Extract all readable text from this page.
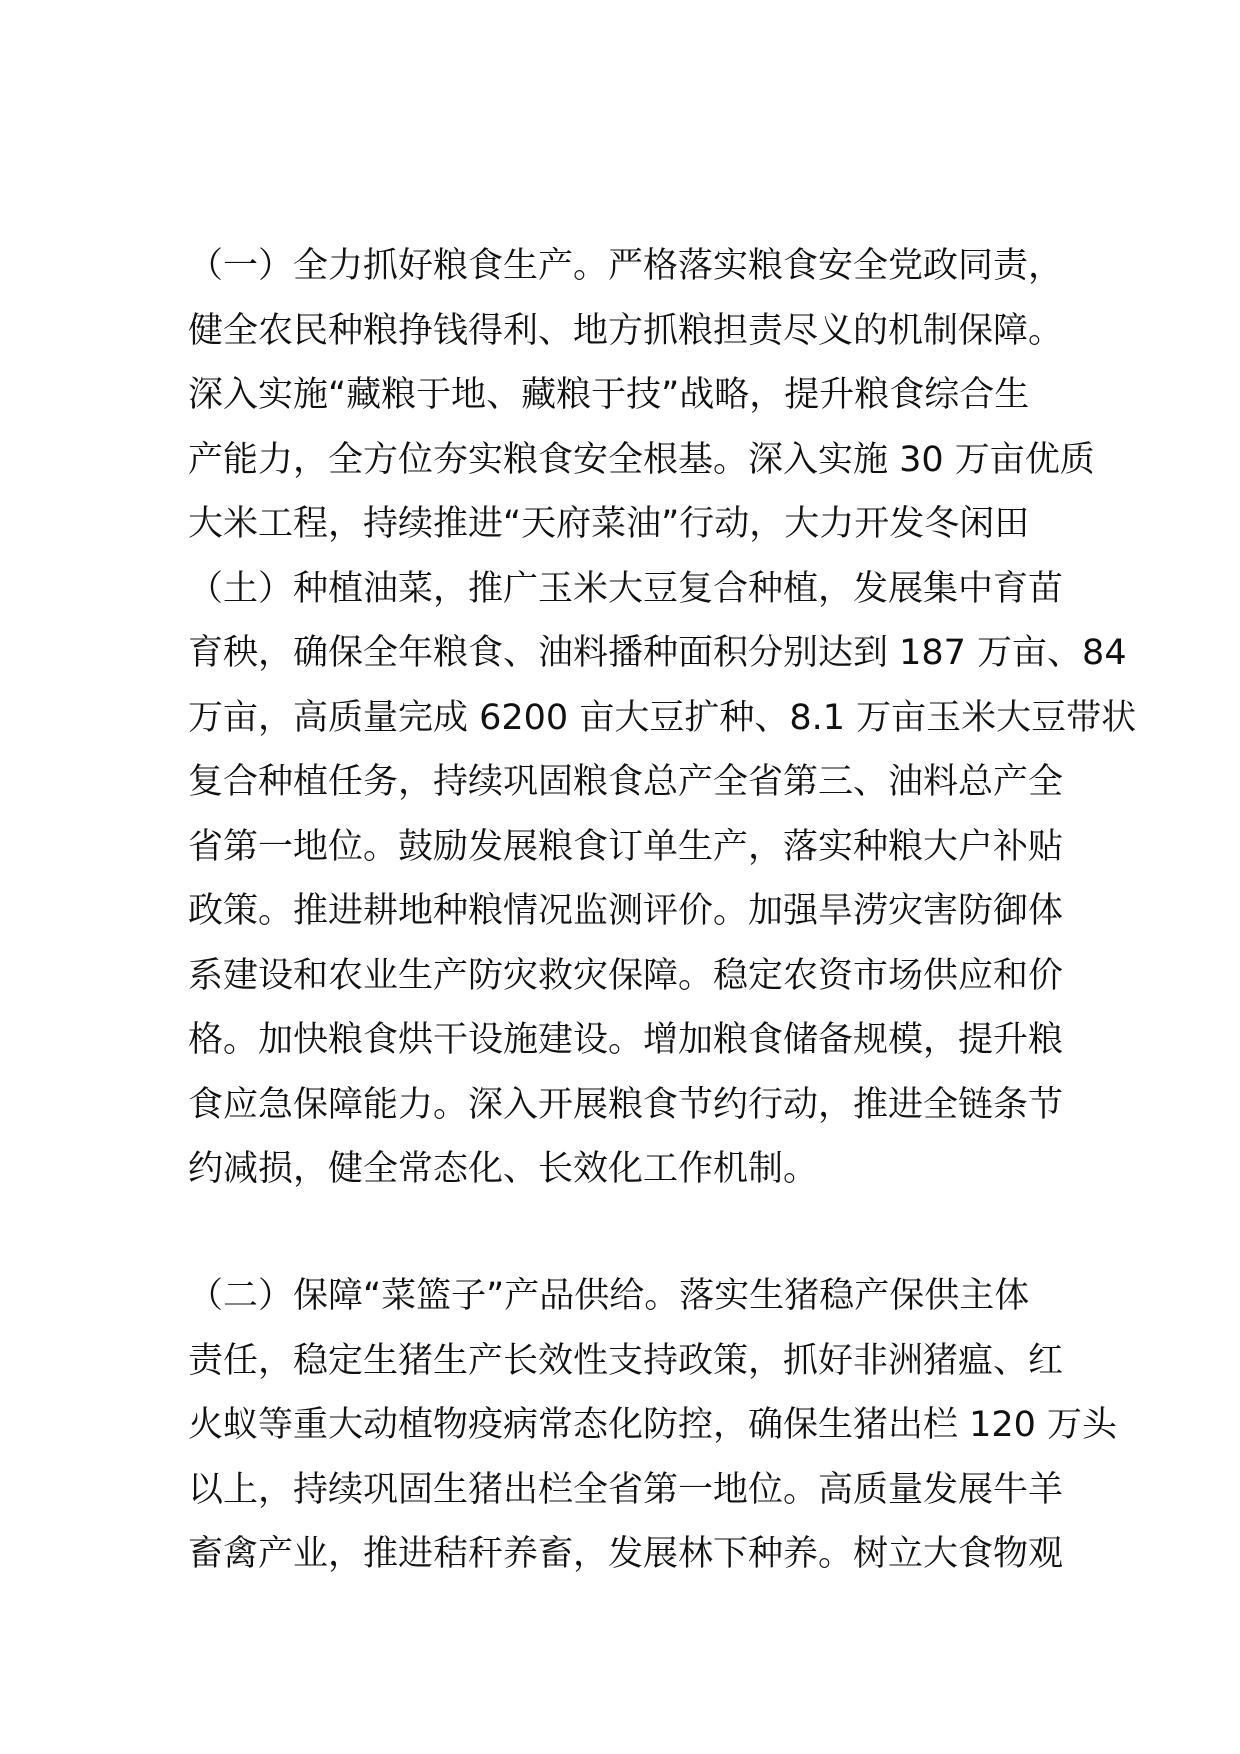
（一）全力抓好粮食生产。严格落实粮食安全党政同责，
健全农民种粮挣钱得利、地方抓粮担责尽义的机制保障。
深入实施“藏粮于地、藏粮于技”战略，提升粮食综合生
产能力，全方位夯实粮食安全根基。深入实施 30 万亩优质
大米工程，持续推进“天府菜油”行动，大力开发冬闲田
（土）种植油菜，推广玉米大豆复合种植，发展集中育苗
育秧，确保全年粮食、油料播种面积分别达到 187 万亩、84
万亩，高质量完成 6200 亩大豆扩种、8.1 万亩玉米大豆带状
复合种植任务，持续巩固粮食总产全省第三、油料总产全
省第一地位。鼓励发展粮食订单生产，落实种粮大户补贴
政策。推进耕地种粮情况监测评价。加强旱涝灾害防御体
系建设和农业生产防灾救灾保障。稳定农资市场供应和价
格。加快粮食烘干设施建设。增加粮食储备规模，提升粮
食应急保障能力。深入开展粮食节约行动，推进全链条节
约减损，健全常态化、长效化工作机制。
（二）保障“菜篮子”产品供给。落实生猪稳产保供主体
责任，稳定生猪生产长效性支持政策，抓好非洲猪瘟、红
火蚁等重大动植物疫病常态化防控，确保生猪出栏 120 万头
以上，持续巩固生猪出栏全省第一地位。高质量发展牛羊
畜禽产业，推进秸秆养畜，发展林下种养。树立大食物观
